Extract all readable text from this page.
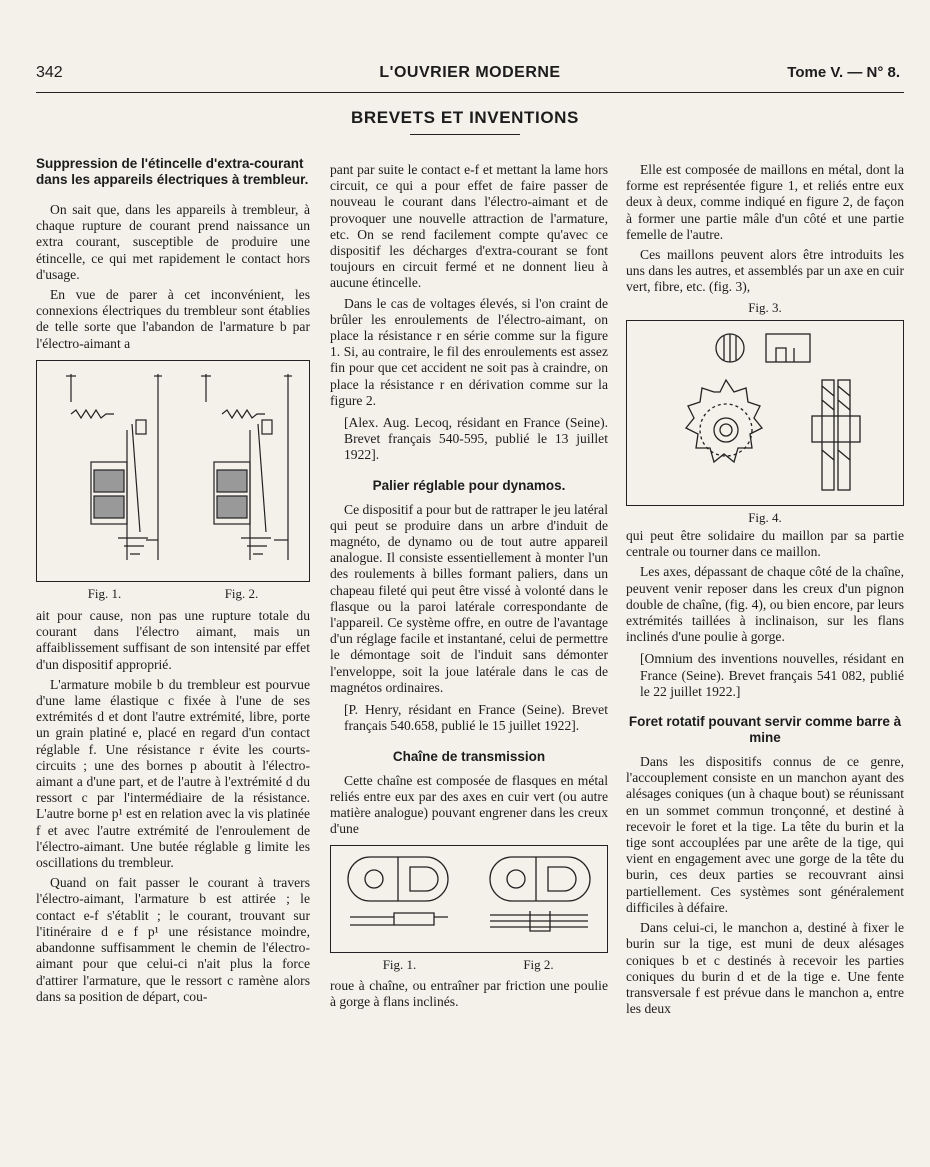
342	L'OUVRIER MODERNE	Tome V. — N° 8.
BREVETS ET INVENTIONS
Suppression de l'étincelle d'extra-courant dans les appareils électriques à trembleur.

On sait que, dans les appareils à trembleur, à chaque rupture de courant prend naissance un extra courant, susceptible de produire une étincelle, ce qui met rapidement le contact hors d'usage.

En vue de parer à cet inconvénient, les connexions électriques du trembleur sont établies de telle sorte que l'abandon de l'armature b par l'électro-aimant a

Fig. 1.	Fig. 2.

ait pour cause, non pas une rupture totale du courant dans l'électro aimant, mais un affaiblissement suffisant de son intensité par effet d'un dispositif approprié.

L'armature mobile b du trembleur est pourvue d'une lame élastique c fixée à l'une de ses extrémités d et dont l'autre extrémité, libre, porte un grain platiné e, placé en regard d'un contact réglable f. Une résistance r évite les courts-circuits ; une des bornes p aboutit à l'électro-aimant a d'une part, et de l'autre à l'extrémité d du ressort c par l'intermédiaire de la résistance. L'autre borne p¹ est en relation avec la vis platinée f et avec l'autre extrémité de l'enroulement de l'électro-aimant. Une butée réglable g limite les oscillations du trembleur.

Quand on fait passer le courant à travers l'électro-aimant, l'armature b est attirée ; le contact e-f s'établit ; le courant, trouvant sur l'itinéraire d e f p¹ une résistance moindre, abandonne suffisamment le chemin de l'électro-aimant pour que celui-ci n'ait plus la force d'attirer l'armature, que le ressort c ramène alors dans sa position de départ, cou-

pant par suite le contact e-f et mettant la lame hors circuit, ce qui a pour effet de faire passer de nouveau le courant dans l'électro-aimant et de provoquer une nouvelle attraction de l'armature, etc. On se rend facilement compte qu'avec ce dispositif les décharges d'extra-courant se font toujours en circuit fermé et ne donnent lieu à aucune étincelle.

Dans le cas de voltages élevés, si l'on craint de brûler les enroulements de l'électro-aimant, on place la résistance r en série comme sur la figure 1. Si, au contraire, le fil des enroulements est assez fin pour que cet accident ne soit pas à craindre, on place la résistance r en dérivation comme sur la figure 2.

[Alex. Aug. Lecoq, résidant en France (Seine). Brevet français 540-595, publié le 13 juillet 1922].

Palier réglable pour dynamos.

Ce dispositif a pour but de rattraper le jeu latéral qui peut se produire dans un arbre d'induit de magnéto, de dynamo ou de tout autre appareil analogue. Il consiste essentiellement à monter l'un des roulements à billes formant paliers, dans un chapeau fileté qui peut être vissé à volonté dans le flasque ou la paroi latérale correspondante de l'appareil. Ce système offre, en outre de l'avantage d'un réglage facile et instantané, celui de permettre le démontage soit de l'induit sans démonter l'enveloppe, soit la joue latérale dans le cas de magnétos ordinaires.

[P. Henry, résidant en France (Seine). Brevet français 540.658, publié le 15 juillet 1922].

Chaîne de transmission

Cette chaîne est composée de flasques en métal reliés entre eux par des axes en cuir vert (ou autre matière analogue) pouvant engrener dans les creux d'une

Fig. 1.	Fig 2.

roue à chaîne, ou entraîner par friction une poulie à gorge à flans inclinés.

Elle est composée de maillons en métal, dont la forme est représentée figure 1, et reliés entre eux deux à deux, comme indiqué en figure 2, de façon à former une partie mâle d'un côté et une partie femelle de l'autre.

Ces maillons peuvent alors être introduits les uns dans les autres, et assemblés par un axe en cuir vert, fibre, etc. (fig. 3),

Fig. 3.
Fig. 4.

qui peut être solidaire du maillon par sa partie centrale ou tourner dans ce maillon.

Les axes, dépassant de chaque côté de la chaîne, peuvent venir reposer dans les creux d'un pignon double de chaîne, (fig. 4), ou bien encore, par leurs extrémités taillées à inclinaison, sur les flans inclinés d'une poulie à gorge.

[Omnium des inventions nouvelles, résidant en France (Seine). Brevet français 541 082, publié le 22 juillet 1922.]

Foret rotatif pouvant servir comme barre à mine

Dans les dispositifs connus de ce genre, l'accouplement consiste en un manchon ayant des alésages coniques (un à chaque bout) se réunissant en un sommet commun tronçonné, et destiné à recevoir le foret et la tige. La tête du burin et la tige sont accouplées par une arête de la tige, qui vient en engagement avec une gorge de la tête du burin, ces deux parties se recouvrant ainsi partiellement. Ces systèmes sont généralement difficiles à défaire.

Dans celui-ci, le manchon a, destiné à fixer le burin sur la tige, est muni de deux alésages coniques b et c destinés à recevoir les parties coniques du burin d et de la tige e. Une fente transversale f est prévue dans le manchon a, entre les deux
